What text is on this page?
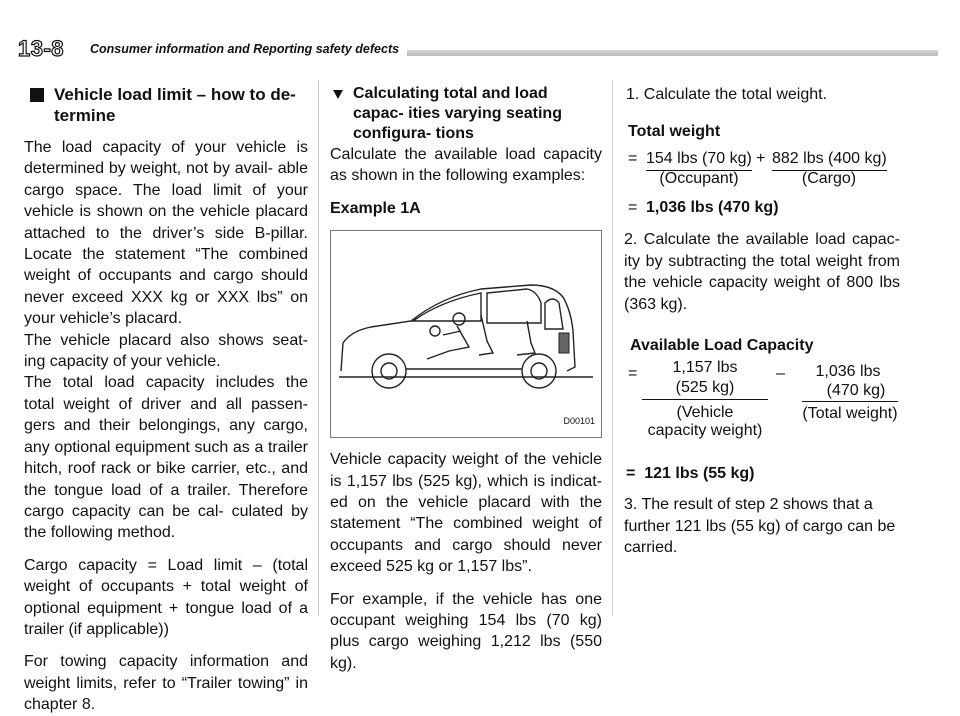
13-8 Consumer information and Reporting safety defects
Vehicle load limit – how to de- termine

The load capacity of your vehicle is determined by weight, not by avail- able cargo space. The load limit of your vehicle is shown on the vehicle placard attached to the driver’s side B-pillar. Locate the statement “The combined weight of occupants and cargo should never exceed XXX kg or XXX lbs” on your vehicle’s placard.

The vehicle placard also shows seat- ing capacity of your vehicle.

The total load capacity includes the total weight of driver and all passen- gers and their belongings, any cargo, any optional equipment such as a trailer hitch, roof rack or bike carrier, etc., and the tongue load of a trailer. Therefore cargo capacity can be cal- culated by the following method.

Cargo capacity = Load limit – (total weight of occupants + total weight of optional equipment + tongue load of a trailer (if applicable))

For towing capacity information and weight limits, refer to “Trailer towing” in chapter 8.

Calculating total and load capac- ities varying seating configura- tions

Calculate the available load capacity as shown in the following examples:

Example 1A

D00101

Vehicle capacity weight of the vehicle is 1,157 lbs (525 kg), which is indicat- ed on the vehicle placard with the statement “The combined weight of occupants and cargo should never exceed 525 kg or 1,157 lbs”.

For example, if the vehicle has one occupant weighing 154 lbs (70 kg) plus cargo weighing 1,212 lbs (550 kg).

1. Calculate the total weight.

Total weight
= 154 lbs (70 kg) + 882 lbs (400 kg)
(Occupant)	(Cargo)
= 1,036 lbs (470 kg)

2. Calculate the available load capac- ity by subtracting the total weight from the vehicle capacity weight of 800 lbs (363 kg).

Available Load Capacity
=	1,157 lbs
(525 kg)
(Vehicle
capacity weight)
–	1,036 lbs
(470 kg)
(Total weight)
= 121 lbs (55 kg)

3. The result of step 2 shows that a further 121 lbs (55 kg) of cargo can be carried.
